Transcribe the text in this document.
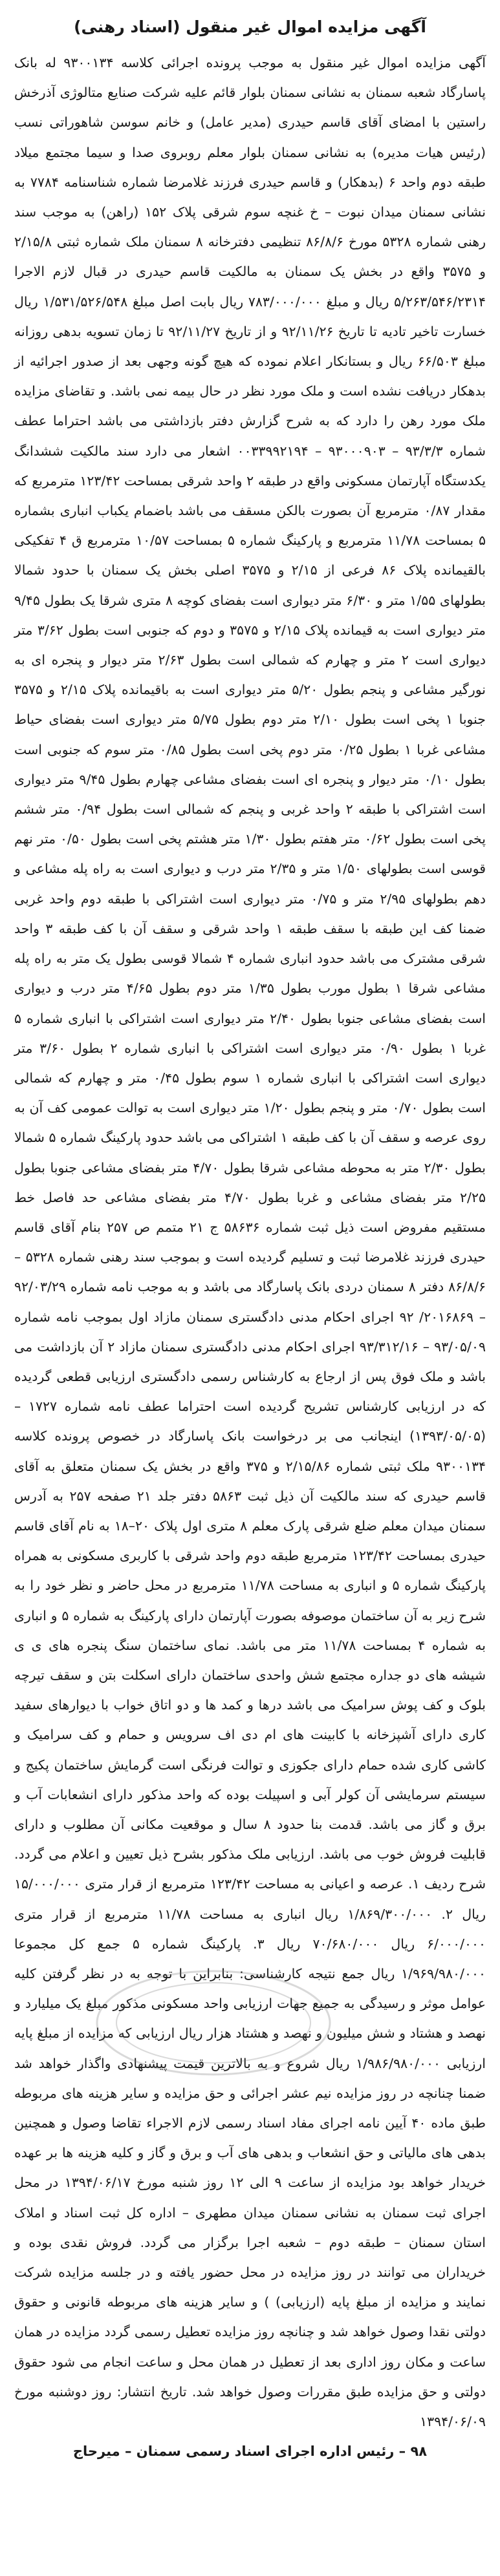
آگهی مزایده اموال غیر منقول (اسناد رهنی)

آگهی مزایده اموال غیر منقول به موجب پرونده اجرائی کلاسه ۹۳۰۰۱۳۴ له بانک پاسارگاد شعبه سمنان به نشانی سمنان بلوار قائم علیه شرکت صنایع متالوژی آذرخش راستین با امضای آقای قاسم حیدری (مدیر عامل) و خانم سوسن شاهوراتی نسب (رئیس هیات مدیره) به نشانی سمنان بلوار معلم روبروی صدا و سیما مجتمع میلاد طبقه دوم واحد ۶ (بدهکار) و قاسم حیدری فرزند غلامرضا شماره شناسنامه ۷۷۸۴ به نشانی سمنان میدان نبوت – خ غنچه سوم شرقی پلاک ۱۵۲ (راهن) به موجب سند رهنی شماره ۵۳۲۸ مورخ ۸۶/۸/۶ تنظیمی دفترخانه ۸ سمنان ملک شماره ثبتی ۲/۱۵/۸ و ۳۵۷۵ واقع در بخش یک سمنان به مالکیت قاسم حیدری در قبال لازم الاجرا ۵/۲۶۳/۵۴۶/۲۳۱۴ ریال و مبلغ ۷۸۳/۰۰۰/۰۰۰ ریال بابت اصل مبلغ ۱/۵۳۱/۵۲۶/۵۴۸ ریال خسارت تاخیر تادیه تا تاریخ ۹۲/۱۱/۲۶ و از تاریخ ۹۲/۱۱/۲۷ تا زمان تسویه بدهی روزانه مبلغ ۶۶/۵۰۳ ریال و بستانکار اعلام نموده که هیچ گونه وجهی بعد از صدور اجرائیه از بدهکار دریافت نشده است و ملک مورد نظر در حال بیمه نمی باشد. و تقاضای مزایده ملک مورد رهن را دارد که به شرح گزارش دفتر بازداشتی می باشد احتراما عطف شماره ۹۳/۳/۳ – ۹۳۰۰۰۹۰۳ – ۰۰۳۳۹۹۲۱۹۴ اشعار می دارد سند مالکیت ششدانگ یکدستگاه آپارتمان مسکونی واقع در طبقه ۲ واحد شرقی بمساحت ۱۲۳/۴۲ مترمربع که مقدار ۰/۸۷ مترمربع آن بصورت بالکن مسقف می باشد باضمام یکباب انباری بشماره ۵ بمساحت ۱۱/۷۸ مترمربع و پارکینگ شماره ۵ بمساحت ۱۰/۵۷ مترمربع ق ۴ تفکیکی بالقیمانده پلاک ۸۶ فرعی از ۲/۱۵ و ۳۵۷۵ اصلی بخش یک سمنان با حدود شمالا بطولهای ۱/۵۵ متر و ۶/۳۰ متر دیواری است بفضای کوچه ۸ متری شرقا یک بطول ۹/۴۵ متر دیواری است به قیمانده پلاک ۲/۱۵ و ۳۵۷۵ و دوم که جنوبی است بطول ۳/۶۲ متر دیواری است ۲ متر و چهارم که شمالی است بطول ۲/۶۳ متر دیوار و پنجره ای به نورگیر مشاعی و پنجم بطول ۵/۲۰ متر دیواری است به باقیمانده پلاک ۲/۱۵ و ۳۵۷۵ جنوبا ۱ پخی است بطول ۲/۱۰ متر دوم بطول ۵/۷۵ متر دیواری است بفضای حیاط مشاعی غربا ۱ بطول ۰/۲۵ متر دوم پخی است بطول ۰/۸۵ متر سوم که جنوبی است بطول ۰/۱۰ متر دیوار و پنجره ای است بفضای مشاعی چهارم بطول ۹/۴۵ متر دیواری است اشتراکی با طبقه ۲ واحد غربی و پنجم که شمالی است بطول ۰/۹۴ متر ششم پخی است بطول ۰/۶۲ متر هفتم بطول ۱/۳۰ متر هشتم پخی است بطول ۰/۵۰ متر نهم قوسی است بطولهای ۱/۵۰ متر و ۲/۳۵ متر درب و دیواری است به راه پله مشاعی و دهم بطولهای ۲/۹۵ متر و ۰/۷۵ متر دیواری است اشتراکی با طبقه دوم واحد غربی ضمنا کف این طبقه با سقف طبقه ۱ واحد شرقی و سقف آن با کف طبقه ۳ واحد شرقی مشترک می باشد حدود انباری شماره ۴ شمالا قوسی بطول یک متر به راه پله مشاعی شرقا ۱ بطول مورب بطول ۱/۳۵ متر دوم بطول ۴/۶۵ متر درب و دیواری است بفضای مشاعی جنوبا بطول ۲/۴۰ متر دیواری است اشتراکی با انباری شماره ۵ غربا ۱ بطول ۰/۹۰ متر دیواری است اشتراکی با انباری شماره ۲ بطول ۳/۶۰ متر دیواری است اشتراکی با انباری شماره ۱ سوم بطول ۰/۴۵ متر و چهارم که شمالی است بطول ۰/۷۰ متر و پنجم بطول ۱/۲۰ متر دیواری است به توالت عمومی کف آن به روی عرصه و سقف آن با کف طبقه ۱ اشتراکی می باشد حدود پارکینگ شماره ۵ شمالا بطول ۲/۳۰ متر به محوطه مشاعی شرقا بطول ۴/۷۰ متر بفضای مشاعی جنوبا بطول ۲/۲۵ متر بفضای مشاعی و غربا بطول ۴/۷۰ متر بفضای مشاعی حد فاصل خط مستقیم مفروض است ذیل ثبت شماره ۵۸۶۳۶ ج ۲۱ متمم ص ۲۵۷ بنام آقای قاسم حیدری فرزند غلامرضا ثبت و تسلیم گردیده است و بموجب سند رهنی شماره ۵۳۲۸ – ۸۶/۸/۶ دفتر ۸ سمنان دردی بانک پاسارگاد می باشد و به موجب نامه شماره ۹۲/۰۳/۲۹ – ۲۰۱۶۸۶۹/ ۹۲ اجرای احکام مدنی دادگستری سمنان مازاد اول بموجب نامه شماره ۹۳/۰۵/۰۹ – ۹۳/۳۱۲/۱۶ اجرای احکام مدنی دادگستری سمنان مازاد ۲ آن بازداشت می باشد و ملک فوق پس از ارجاع به کارشناس رسمی دادگستری ارزیابی قطعی گردیده که در ارزیابی کارشناس تشریح گردیده است احتراما عطف نامه شماره ۱۷۲۷ – (۱۳۹۳/۰۵/۰۵) اینجانب می بر درخواست بانک پاسارگاد در خصوص پرونده کلاسه ۹۳۰۰۱۳۴ ملک ثبتی شماره ۲/۱۵/۸۶ و ۳۷۵ واقع در بخش یک سمنان متعلق به آقای قاسم حیدری که سند مالکیت آن ذیل ثبت ۵۸۶۳ دفتر جلد ۲۱ صفحه ۲۵۷ به آدرس سمنان میدان معلم ضلع شرقی پارک معلم ۸ متری اول پلاک ۲۰–۱۸ به نام آقای قاسم حیدری بمساحت ۱۲۳/۴۲ مترمربع طبقه دوم واحد شرقی با کاربری مسکونی به همراه پارکینگ شماره ۵ و انباری به مساحت ۱۱/۷۸ مترمربع در محل حاضر و نظر خود را به شرح زیر به آن ساختمان موصوفه بصورت آپارتمان دارای پارکینگ به شماره ۵ و انباری به شماره ۴ بمساحت ۱۱/۷۸ متر می باشد. نمای ساختمان سنگ پنجره های ی ی شیشه های دو جداره مجتمع شش واحدی ساختمان دارای اسکلت بتن و سقف تیرچه بلوک و کف پوش سرامیک می باشد درها و کمد ها و دو اتاق خواب با دیوارهای سفید کاری دارای آشپزخانه با کابینت های ام دی اف سرویس و حمام و کف سرامیک و کاشی کاری شده حمام دارای جکوزی و توالت فرنگی است گرمایش ساختمان پکیج و سیستم سرمایشی آن کولر آبی و اسپیلت بوده که واحد مذکور دارای انشعابات آب و برق و گاز می باشد. قدمت بنا حدود ۸ سال و موقعیت مکانی آن مطلوب و دارای قابلیت فروش خوب می باشد. ارزیابی ملک مذکور بشرح ذیل تعیین و اعلام می گردد. شرح ردیف ۱. عرصه و اعیانی به مساحت ۱۲۳/۴۲ مترمربع از قرار متری ۱۵/۰۰۰/۰۰۰ ریال ۲. ۱/۸۶۹/۳۰۰/۰۰۰ ریال انباری به مساحت ۱۱/۷۸ مترمربع از قرار متری ۶/۰۰۰/۰۰۰ ریال ۷۰/۶۸۰/۰۰۰ ریال ۳. پارکینگ شماره ۵ جمع کل مجموعا ۱/۹۶۹/۹۸۰/۰۰۰ ریال جمع نتیجه کارشناسی: بنابراین با توجه به در نظر گرفتن کلیه عوامل موثر و رسیدگی به جمیع جهات ارزیابی واحد مسکونی مذکور مبلغ یک میلیارد و نهصد و هشتاد و شش میلیون و نهصد و هشتاد هزار ریال ارزیابی که مزایده از مبلغ پایه ارزیابی ۱/۹۸۶/۹۸۰/۰۰۰ ریال شروع و به بالاترین قیمت پیشنهادی واگذار خواهد شد ضمنا چنانچه در روز مزایده نیم عشر اجرائی و حق مزایده و سایر هزینه های مربوطه طبق ماده ۴۰ آیین نامه اجرای مفاد اسناد رسمی لازم الاجراء تقاضا وصول و همچنین بدهی های مالیاتی و حق انشعاب و بدهی های آب و برق و گاز و کلیه هزینه ها بر عهده خریدار خواهد بود مزایده از ساعت ۹ الی ۱۲ روز شنبه مورخ ۱۳۹۴/۰۶/۱۷ در محل اجرای ثبت سمنان به نشانی سمنان میدان مطهری – اداره کل ثبت اسناد و املاک استان سمنان – طبقه دوم – شعبه اجرا برگزار می گردد. فروش نقدی بوده و خریداران می توانند در روز مزایده در محل حضور یافته و در جلسه مزایده شرکت نمایند و مزایده از مبلغ پایه (ارزیابی) ) و سایر هزینه های مربوطه قانونی و حقوق دولتی نقدا وصول خواهد شد و چنانچه روز مزایده تعطیل رسمی گردد مزایده در همان ساعت و مکان روز اداری بعد از تعطیل در همان محل و ساعت انجام می شود حقوق دولتی و حق مزایده طبق مقررات وصول خواهد شد. تاریخ انتشار: روز دوشنبه مورخ ۱۳۹۴/۰۶/۰۹

۹۸ – رئیس اداره اجرای اسناد رسمی سمنان – میرحاج
